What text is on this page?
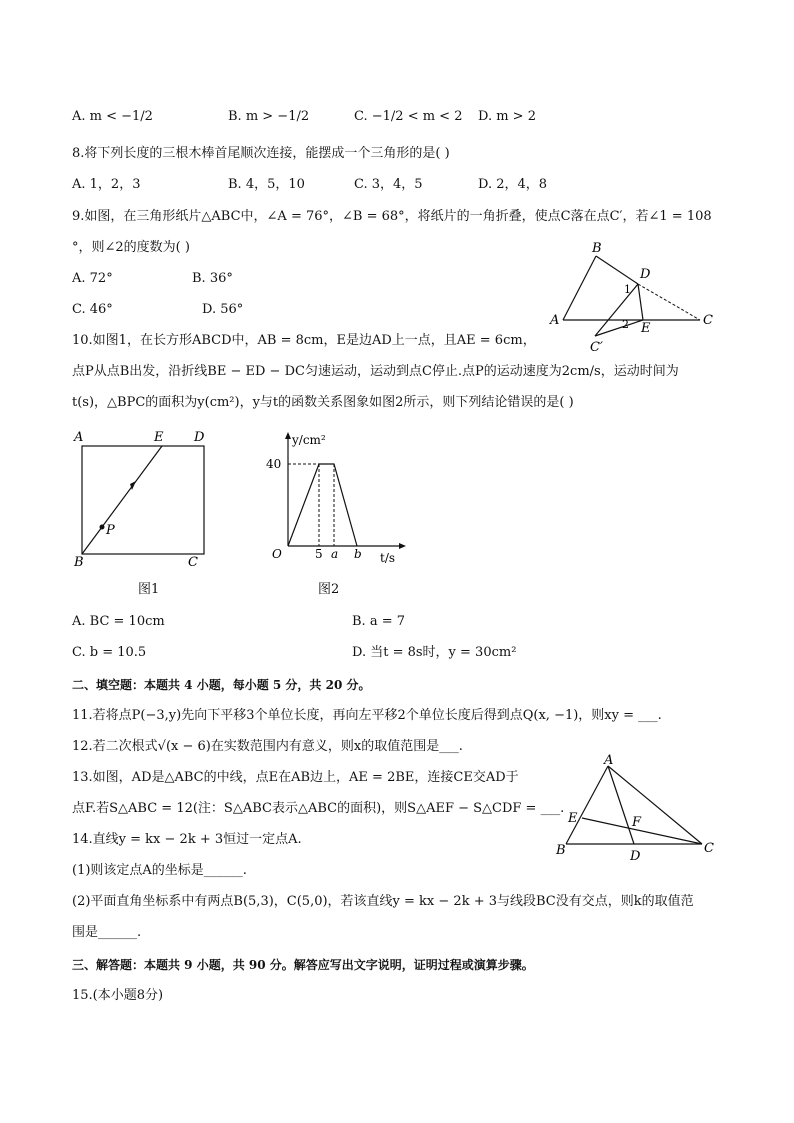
A. m < −1/2	B. m > −1/2	C. −1/2 < m < 2 D. m > 2
8.将下列长度的三根木棒首尾顺次连接，能摆成一个三角形的是( )
A. 1，2，3	B. 4，5，10	C. 3，4，5	D. 2，4，8
9.如图，在三角形纸片△ABC中，∠A = 76°，∠B = 68°，将纸片的一角折叠，使点C落在点C′，若∠1 = 108
°，则∠2的度数为( )
A. 72°	B. 36°
C. 46°	D. 56°
B
D
1
A	C
2 E
C′
10.如图1，在长方形ABCD中，AB = 8cm，E是边AD上一点，且AE = 6cm，
点P从点B出发，沿折线BE − ED − DC匀速运动，运动到点C停止.点P的运动速度为2cm/s，运动时间为
t(s)，△BPC的面积为y(cm²)，y与t的函数关系图象如图2所示，则下列结论错误的是( )
A	E D
P
B	C
图1
y/cm²
40
O	5 a b t/s
图2
A. BC = 10cm	B. a = 7
C. b = 10.5	D. 当t = 8s时，y = 30cm²
二、填空题：本题共 4 小题，每小题 5 分，共 20 分。
11.若将点P(−3,y)先向下平移3个单位长度，再向左平移2个单位长度后得到点Q(x, −1)，则xy = ___.
12.若二次根式√(x − 6)在实数范围内有意义，则x的取值范围是___.
13.如图，AD是△ABC的中线，点E在AB边上，AE = 2BE，连接CE交AD于
点F.若S△ABC = 12(注：S△ABC表示△ABC的面积)，则S△AEF − S△CDF = ___.
A
E	F
B	D
C
14.直线y = kx − 2k + 3恒过一定点A.
(1)则该定点A的坐标是______.
(2)平面直角坐标系中有两点B(5,3)，C(5,0)，若该直线y = kx − 2k + 3与线段BC没有交点，则k的取值范
围是______.
三、解答题：本题共 9 小题，共 90 分。解答应写出文字说明，证明过程或演算步骤。
15.(本小题8分)
